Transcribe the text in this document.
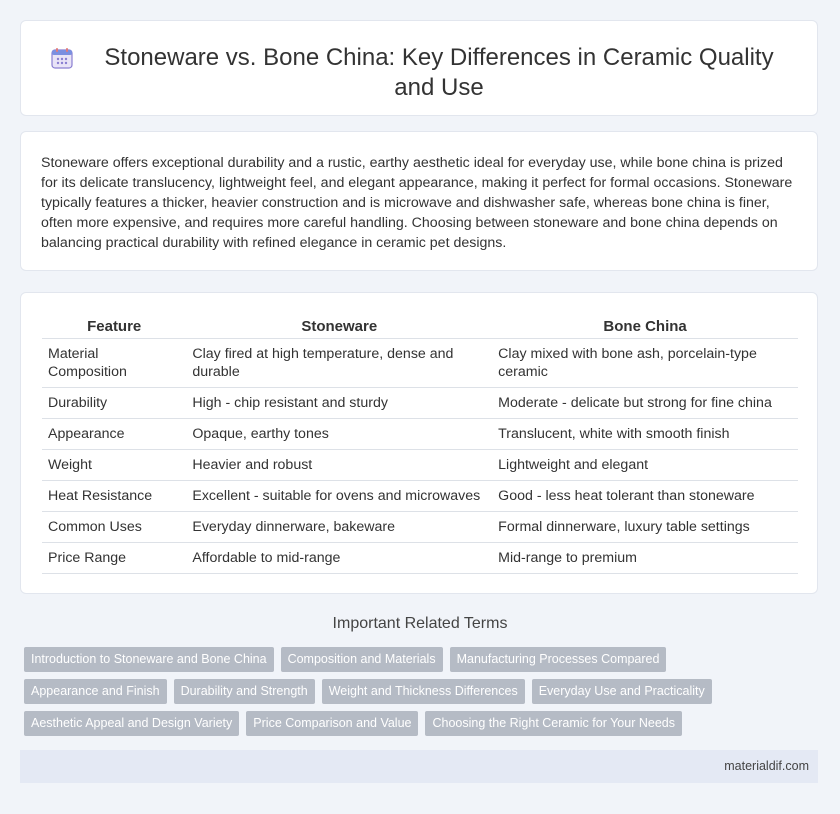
Stoneware vs. Bone China: Key Differences in Ceramic Quality and Use

Stoneware offers exceptional durability and a rustic, earthy aesthetic ideal for everyday use, while bone china is prized for its delicate translucency, lightweight feel, and elegant appearance, making it perfect for formal occasions. Stoneware typically features a thicker, heavier construction and is microwave and dishwasher safe, whereas bone china is finer, often more expensive, and requires more careful handling. Choosing between stoneware and bone china depends on balancing practical durability with refined elegance in ceramic pet designs.

Feature	Stoneware	Bone China
Material Composition	Clay fired at high temperature, dense and durable	Clay mixed with bone ash, porcelain-type ceramic
Durability	High - chip resistant and sturdy	Moderate - delicate but strong for fine china
Appearance	Opaque, earthy tones	Translucent, white with smooth finish
Weight	Heavier and robust	Lightweight and elegant
Heat Resistance	Excellent - suitable for ovens and microwaves	Good - less heat tolerant than stoneware
Common Uses	Everyday dinnerware, bakeware	Formal dinnerware, luxury table settings
Price Range	Affordable to mid-range	Mid-range to premium
Important Related Terms
Introduction to Stoneware and Bone China	Composition and Materials	Manufacturing Processes Compared
Appearance and Finish	Durability and Strength	Weight and Thickness Differences	Everyday Use and Practicality
Aesthetic Appeal and Design Variety	Price Comparison and Value	Choosing the Right Ceramic for Your Needs
materialdif.com
